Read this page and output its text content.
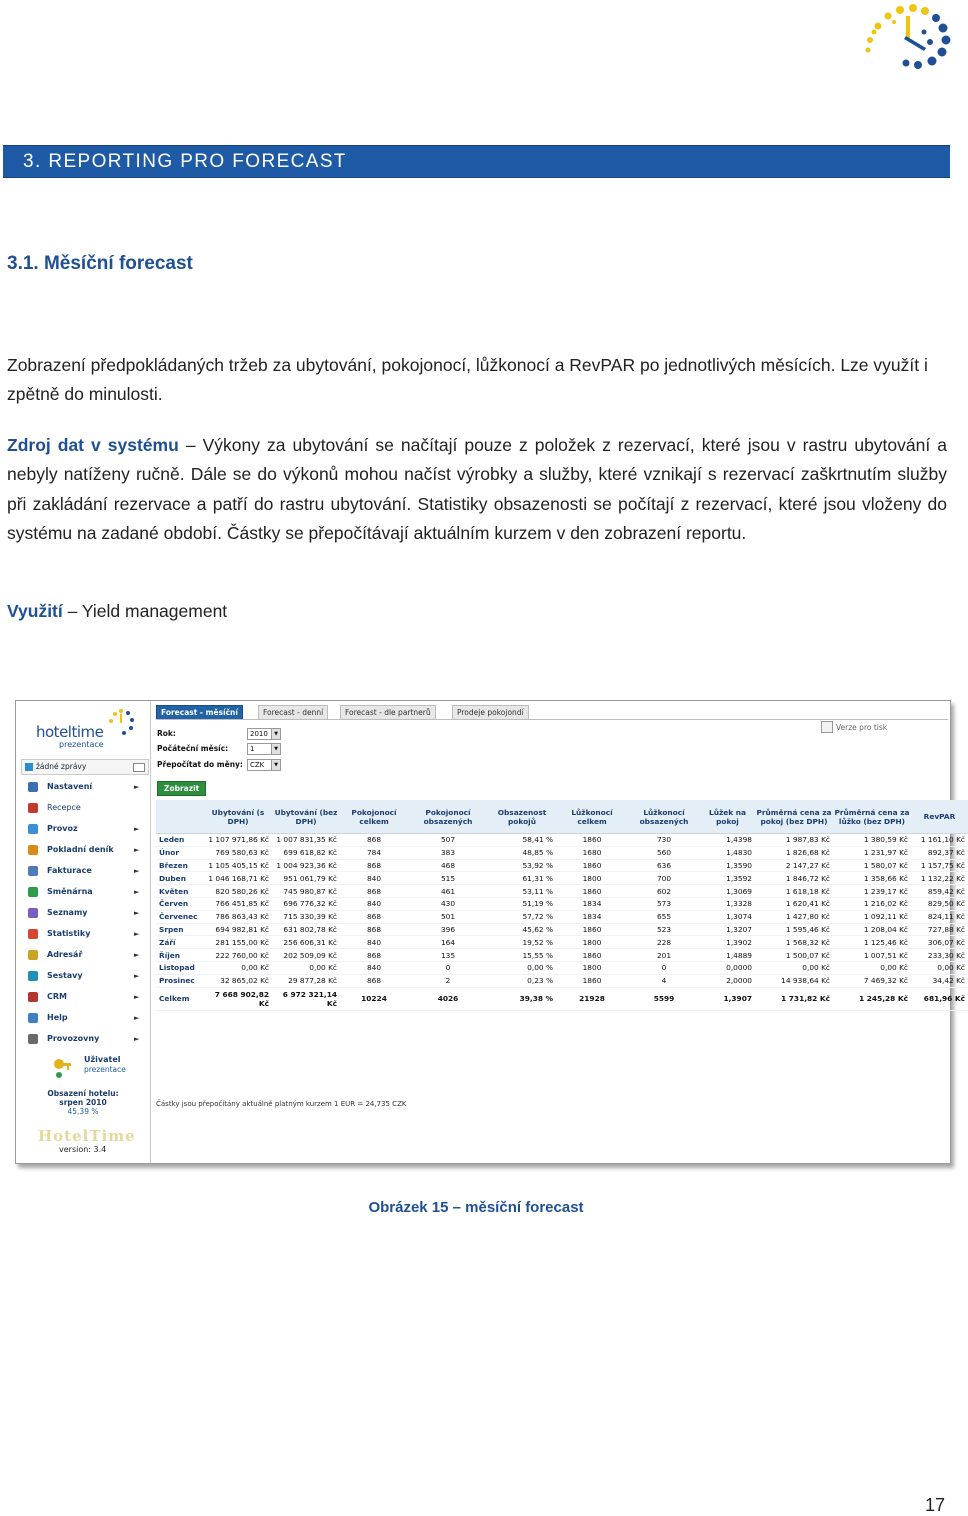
3. REPORTING PRO FORECAST
3.1. Měsíční forecast
Zobrazení předpokládaných tržeb za ubytování, pokojonocí, lůžkonocí a RevPAR po jednotlivých měsících. Lze využít i zpětně do minulosti.
Zdroj dat v systému – Výkony za ubytování se načítají pouze z položek z rezervací, které jsou v rastru ubytování a nebyly natíženy ručně. Dále se do výkonů mohou načíst výrobky a služby, které vznikají s rezervací zaškrtnutím služby při zakládání rezervace a patří do rastru ubytování. Statistiky obsazenosti se počítají z rezervací, které jsou vloženy do systému na zadané období. Částky se přepočítávají aktuálním kurzem v den zobrazení reportu.
Využití – Yield management
hoteltime
prezentace
žádné zprávy
Nastavení	►
Recepce
Provoz	►
Pokladní deník	►
Fakturace	►
Směnárna	►
Seznamy	►
Statistiky	►
Adresář	►
Sestavy	►
CRM	►
Help	►
Provozovny	►
Uživatel
prezentace
Obsazení hotelu:
srpen 2010
45,39 %
HotelTime
version: 3.4
Forecast - měsíční	Forecast - denní	Forecast - dle partnerů	Prodeje pokojondí
Rok:	2010	▼
Počáteční měsíc:	1	▼
Přepočítat do měny:	CZK	▼
Zobrazit
Verze pro tisk
	Ubytování (s DPH)	Ubytování (bez DPH)	Pokojonocí celkem	Pokojonocí obsazených	Obsazenost pokojů	Lůžkonocí celkem	Lůžkonocí obsazených	Lůžek na pokoj	Průměrná cena za pokoj (bez DPH)	Průměrná cena za lůžko (bez DPH)	RevPAR
Leden	1 107 971,86 Kč	1 007 831,35 Kč	868	507	58,41 %	1860	730	1,4398	1 987,83 Kč	1 380,59 Kč	1 161,10 Kč
Únor	769 580,63 Kč	699 618,82 Kč	784	383	48,85 %	1680	560	1,4830	1 826,68 Kč	1 231,97 Kč	892,37 Kč
Březen	1 105 405,15 Kč	1 004 923,36 Kč	868	468	53,92 %	1860	636	1,3590	2 147,27 Kč	1 580,07 Kč	1 157,75 Kč
Duben	1 046 168,71 Kč	951 061,79 Kč	840	515	61,31 %	1800	700	1,3592	1 846,72 Kč	1 358,66 Kč	1 132,22 Kč
Květen	820 580,26 Kč	745 980,87 Kč	868	461	53,11 %	1860	602	1,3069	1 618,18 Kč	1 239,17 Kč	859,42 Kč
Červen	766 451,85 Kč	696 776,32 Kč	840	430	51,19 %	1834	573	1,3328	1 620,41 Kč	1 216,02 Kč	829,50 Kč
Červenec	786 863,43 Kč	715 330,39 Kč	868	501	57,72 %	1834	655	1,3074	1 427,80 Kč	1 092,11 Kč	824,11 Kč
Srpen	694 982,81 Kč	631 802,78 Kč	868	396	45,62 %	1860	523	1,3207	1 595,46 Kč	1 208,04 Kč	727,88 Kč
Září	281 155,00 Kč	256 606,31 Kč	840	164	19,52 %	1800	228	1,3902	1 568,32 Kč	1 125,46 Kč	306,07 Kč
Říjen	222 760,00 Kč	202 509,09 Kč	868	135	15,55 %	1860	201	1,4889	1 500,07 Kč	1 007,51 Kč	233,30 Kč
Listopad	0,00 Kč	0,00 Kč	840	0	0,00 %	1800	0	0,0000	0,00 Kč	0,00 Kč	0,00 Kč
Prosinec	32 865,02 Kč	29 877,28 Kč	868	2	0,23 %	1860	4	2,0000	14 938,64 Kč	7 469,32 Kč	34,42 Kč
Celkem	7 668 902,82 Kč	6 972 321,14 Kč	10224	4026	39,38 %	21928	5599	1,3907	1 731,82 Kč	1 245,28 Kč	681,96 Kč
Částky jsou přepočítány aktuálně platným kurzem 1 EUR = 24,735 CZK
Obrázek 15 – měsíční forecast
17
